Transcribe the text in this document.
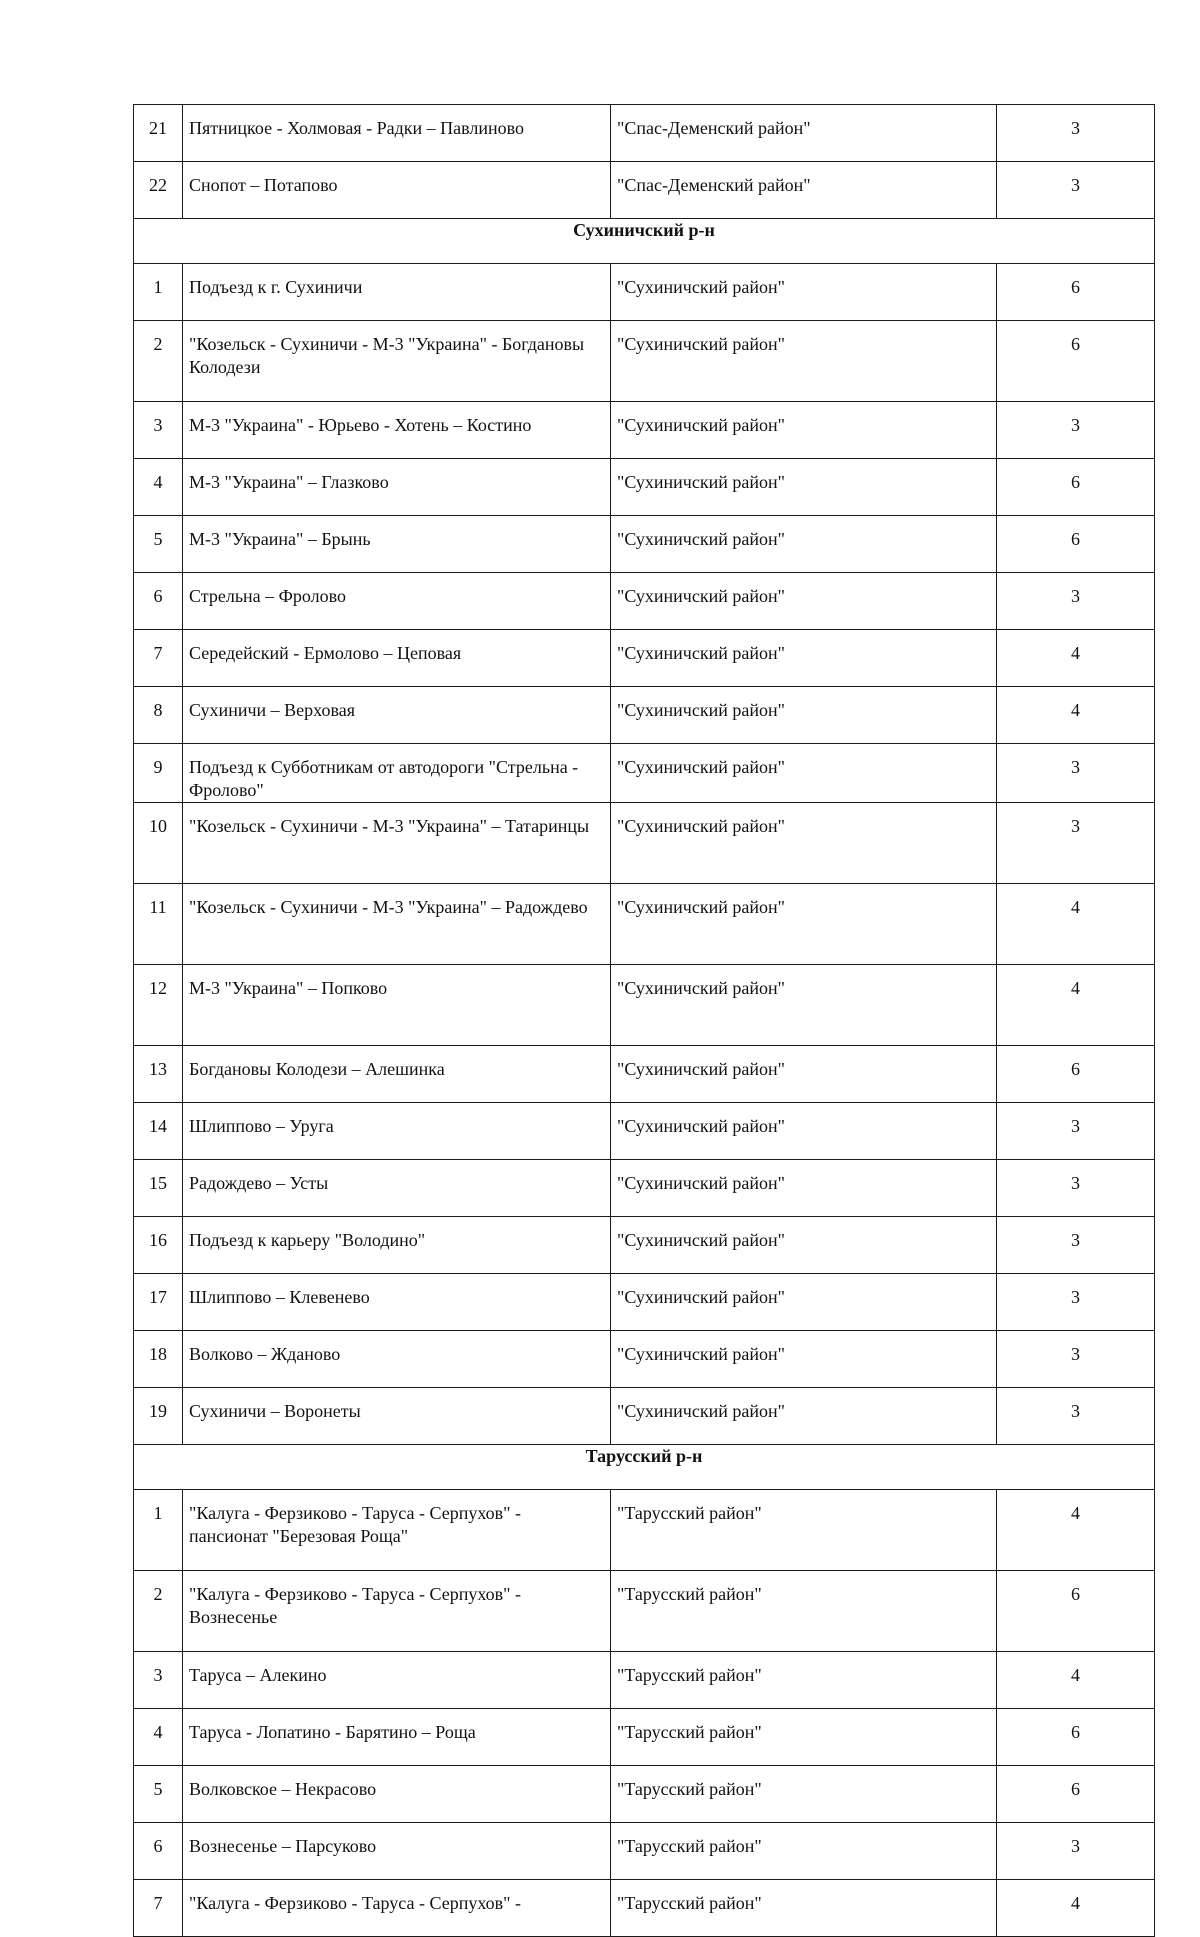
21	Пятницкое - Холмовая - Радки – Павлиново	"Спас-Деменский район"	3
22	Снопот – Потапово	"Спас-Деменский район"	3
Сухиничский р-н			
1	Подъезд к г. Сухиничи	"Сухиничский район"	6
2	"Козельск - Сухиничи - М-3 "Украина" - Богдановы Колодези	"Сухиничский район"	6
3	М-3 "Украина" - Юрьево - Хотень – Костино	"Сухиничский район"	3
4	М-3 "Украина" – Глазково	"Сухиничский район"	6
5	М-3 "Украина" – Брынь	"Сухиничский район"	6
6	Стрельна – Фролово	"Сухиничский район"	3
7	Середейский - Ермолово – Цеповая	"Сухиничский район"	4
8	Сухиничи – Верховая	"Сухиничский район"	4
9	Подъезд к Субботникам от автодороги "Стрельна - Фролово"	"Сухиничский район"	3
10	"Козельск - Сухиничи - М-3 "Украина" – Татаринцы	"Сухиничский район"	3
11	"Козельск - Сухиничи - М-3 "Украина" – Радождево	"Сухиничский район"	4
12	М-3 "Украина" – Попково	"Сухиничский район"	4
13	Богдановы Колодези – Алешинка	"Сухиничский район"	6
14	Шлиппово – Уруга	"Сухиничский район"	3
15	Радождево – Усты	"Сухиничский район"	3
16	Подъезд к карьеру "Володино"	"Сухиничский район"	3
17	Шлиппово – Клевенево	"Сухиничский район"	3
18	Волково – Жданово	"Сухиничский район"	3
19	Сухиничи – Воронеты	"Сухиничский район"	3
Тарусский р-н			
1	"Калуга - Ферзиково - Таруса - Серпухов" - пансионат "Березовая Роща"	"Тарусский район"	4
2	"Калуга - Ферзиково - Таруса - Серпухов" - Вознесенье	"Тарусский район"	6
3	Таруса – Алекино	"Тарусский район"	4
4	Таруса - Лопатино - Барятино – Роща	"Тарусский район"	6
5	Волковское – Некрасово	"Тарусский район"	6
6	Вознесенье – Парсуково	"Тарусский район"	3
7	"Калуга - Ферзиково - Таруса - Серпухов" -	"Тарусский район"	4
